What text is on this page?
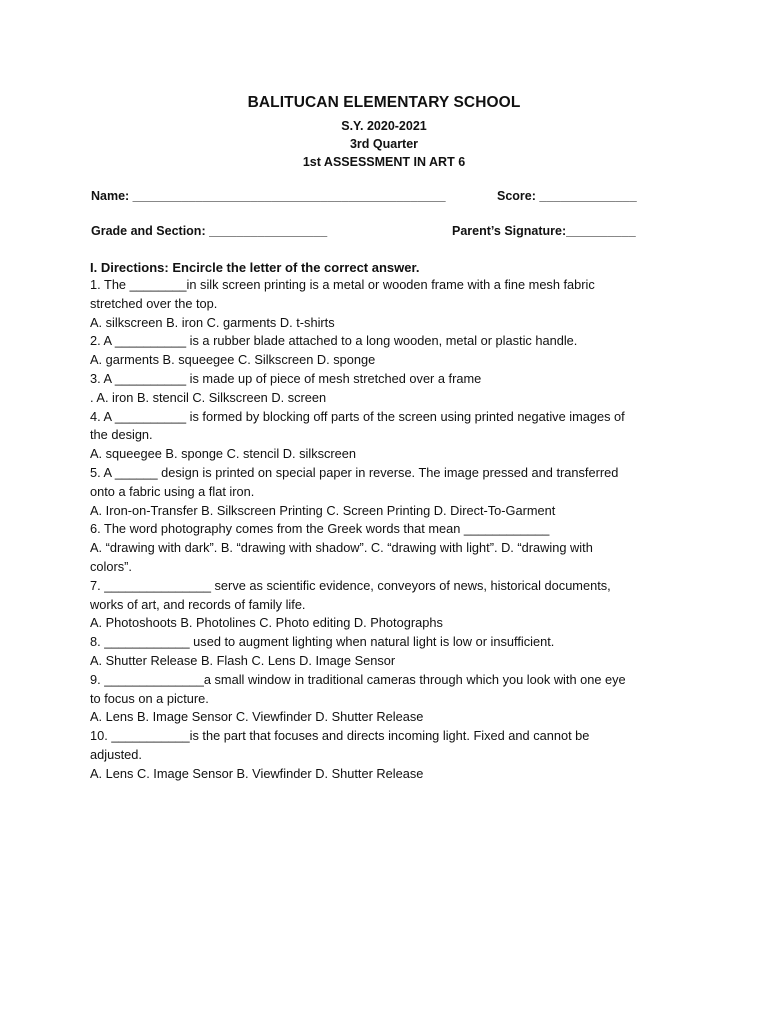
BALITUCAN ELEMENTARY SCHOOL
S.Y. 2020-2021
3rd Quarter
1st ASSESSMENT IN ART 6
Name: _____________________________________________	Score: ______________
Grade and Section: _________________	Parent’s Signature:__________
I. Directions: Encircle the letter of the correct answer.
1. The ________in silk screen printing is a metal or wooden frame with a fine mesh fabric
stretched over the top.
A. silkscreen B. iron C. garments D. t-shirts
2. A __________ is a rubber blade attached to a long wooden, metal or plastic handle.
A. garments B. squeegee C. Silkscreen D. sponge
3. A __________ is made up of piece of mesh stretched over a frame
. A. iron B. stencil C. Silkscreen D. screen
4. A __________ is formed by blocking off parts of the screen using printed negative images of
the design.
A. squeegee B. sponge C. stencil D. silkscreen
5. A ______ design is printed on special paper in reverse. The image pressed and transferred
onto a fabric using a flat iron.
A. Iron-on-Transfer B. Silkscreen Printing C. Screen Printing D. Direct-To-Garment
6. The word photography comes from the Greek words that mean ____________
A. “drawing with dark”. B. “drawing with shadow”. C. “drawing with light”. D. “drawing with
colors”.
7. _______________ serve as scientific evidence, conveyors of news, historical documents,
works of art, and records of family life.
A. Photoshoots B. Photolines C. Photo editing D. Photographs
8. ____________ used to augment lighting when natural light is low or insufficient.
A. Shutter Release B. Flash C. Lens D. Image Sensor
9. ______________a small window in traditional cameras through which you look with one eye
to focus on a picture.
A. Lens B. Image Sensor C. Viewfinder D. Shutter Release
10. ___________is the part that focuses and directs incoming light. Fixed and cannot be
adjusted.
A. Lens C. Image Sensor B. Viewfinder D. Shutter Release
